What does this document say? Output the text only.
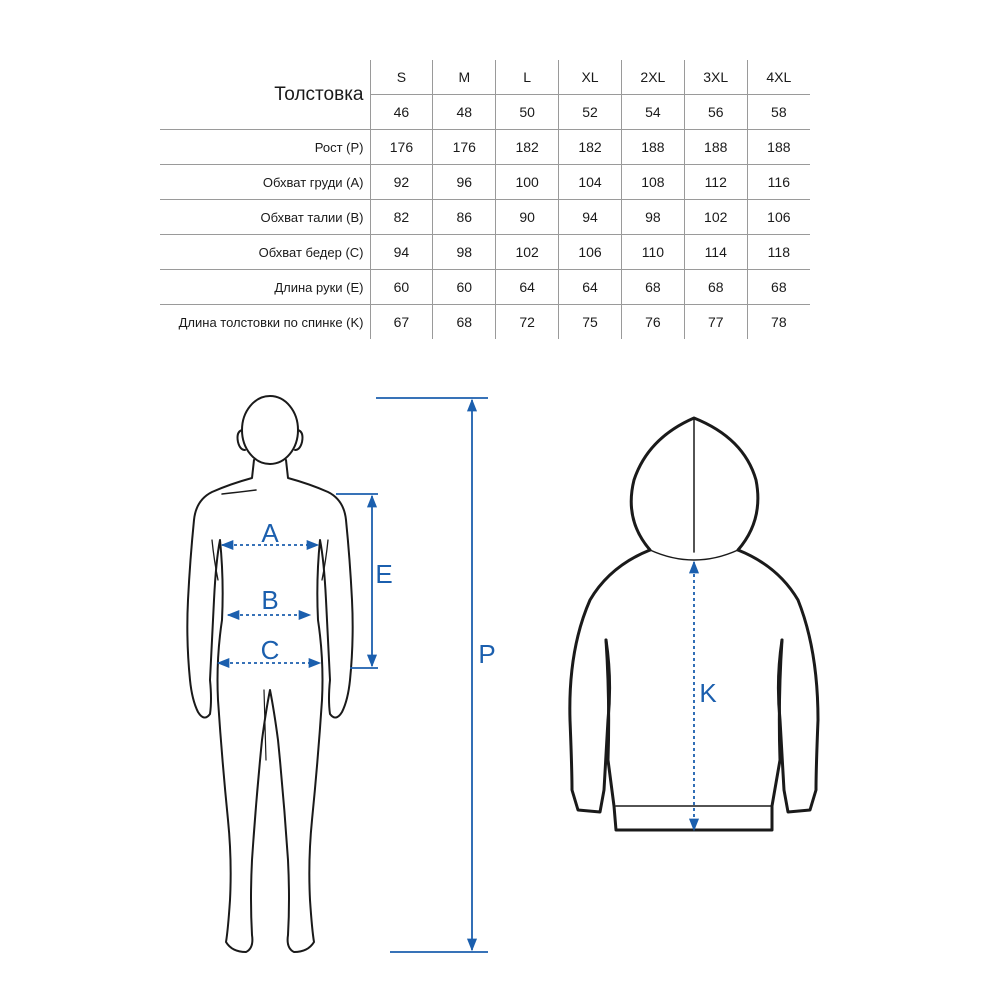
Толстовка	S	M	L	XL	2XL	3XL	4XL
	46	48	50	52	54	56	58
Рост (P)	176	176	182	182	188	188	188
Обхват груди (A)	92	96	100	104	108	112	116
Обхват талии (B)	82	86	90	94	98	102	106
Обхват бедер (C)	94	98	102	106	110	114	118
Длина руки (E)	60	60	64	64	68	68	68
Длина толстовки по спинке (K)	67	68	72	75	76	77	78
A
B
C
E
P
K
